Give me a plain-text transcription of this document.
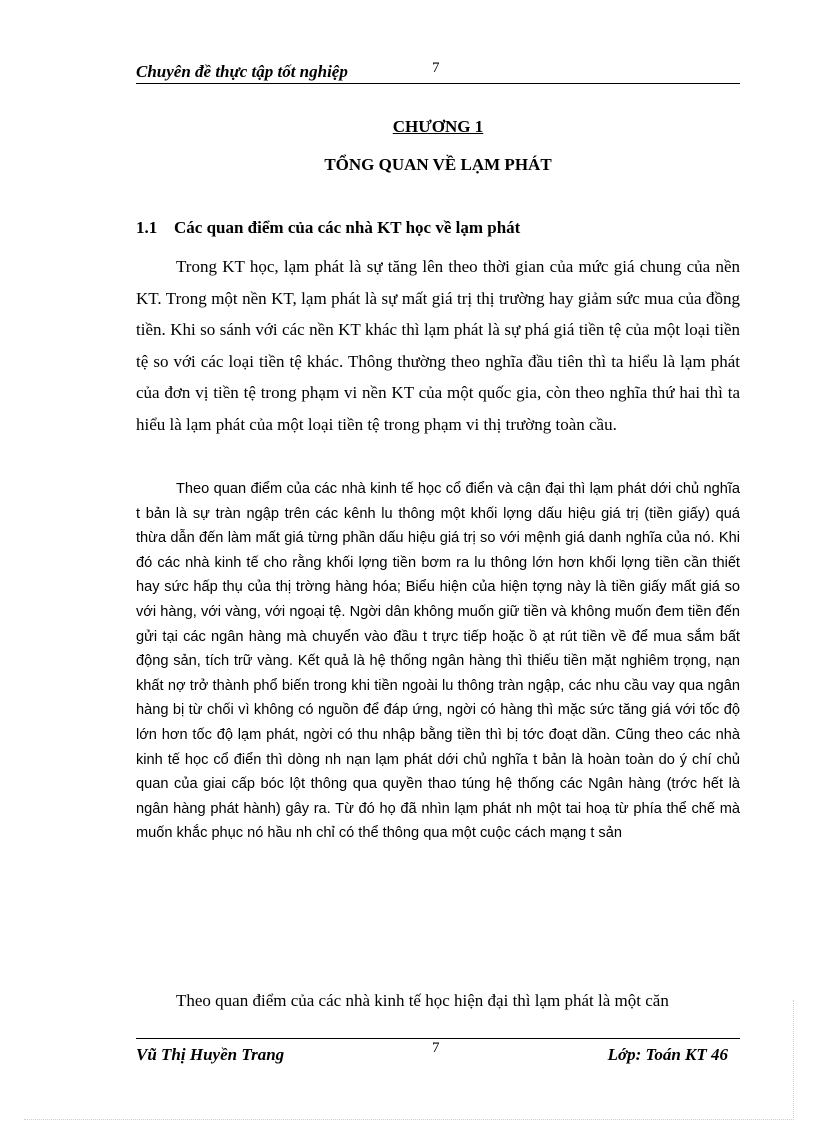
Chuyên đề thực tập tốt nghiệp	7
CHƯƠNG 1
TỔNG QUAN VỀ LẠM PHÁT
1.1 Các quan điểm của các nhà KT học về lạm phát

Trong KT học, lạm phát là sự tăng lên theo thời gian của mức giá chung của nền KT. Trong một nền KT, lạm phát là sự mất giá trị thị trường hay giảm sức mua của đồng tiền. Khi so sánh với các nền KT khác thì lạm phát là sự phá giá tiền tệ của một loại tiền tệ so với các loại tiền tệ khác. Thông thường theo nghĩa đầu tiên thì ta hiểu là lạm phát của đơn vị tiền tệ trong phạm vi nền KT của một quốc gia, còn theo nghĩa thứ hai thì ta hiểu là lạm phát của một loại tiền tệ trong phạm vi thị trường toàn cầu.

Theo quan điểm của các nhà kinh tế học cổ điển và cận đại thì lạm phát dới chủ nghĩa t bản là sự tràn ngập trên các kênh lu thông một khối lợng dấu hiệu giá trị (tiền giấy) quá thừa dẫn đến làm mất giá từng phần dấu hiệu giá trị so với mệnh giá danh nghĩa của nó. Khi đó các nhà kinh tế cho rằng khối lợng tiền bơm ra lu thông lớn hơn khối lợng tiền cần thiết hay sức hấp thụ của thị trờng hàng hóa; Biểu hiện của hiện tợng này là tiền giấy mất giá so với hàng, với vàng, với ngoại tệ. Ngời dân không muốn giữ tiền và không muốn đem tiền đến gửi tại các ngân hàng mà chuyển vào đầu t trực tiếp hoặc ồ ạt rút tiền về để mua sắm bất động sản, tích trữ vàng. Kết quả là hệ thống ngân hàng thì thiếu tiền mặt nghiêm trọng, nạn khất nợ trở thành phổ biến trong khi tiền ngoài lu thông tràn ngập, các nhu cầu vay qua ngân hàng bị từ chối vì không có nguồn để đáp ứng, ngời có hàng thì mặc sức tăng giá với tốc độ lớn hơn tốc độ lạm phát, ngời có thu nhập bằng tiền thì bị tớc đoạt dần. Cũng theo các nhà kinh tế học cổ điển thì dòng nh nạn lạm phát dới chủ nghĩa t bản là hoàn toàn do ý chí chủ quan của giai cấp bóc lột thông qua quyền thao túng hệ thống các Ngân hàng (trớc hết là ngân hàng phát hành) gây ra. Từ đó họ đã nhìn lạm phát nh một tai hoạ từ phía thể chế mà muốn khắc phục nó hầu nh chỉ có thể thông qua một cuộc cách mạng t sản

Theo quan điểm của các nhà kinh tế học hiện đại thì lạm phát là một căn

Vũ Thị Huyền Trang	7	Lớp: Toán KT 46
